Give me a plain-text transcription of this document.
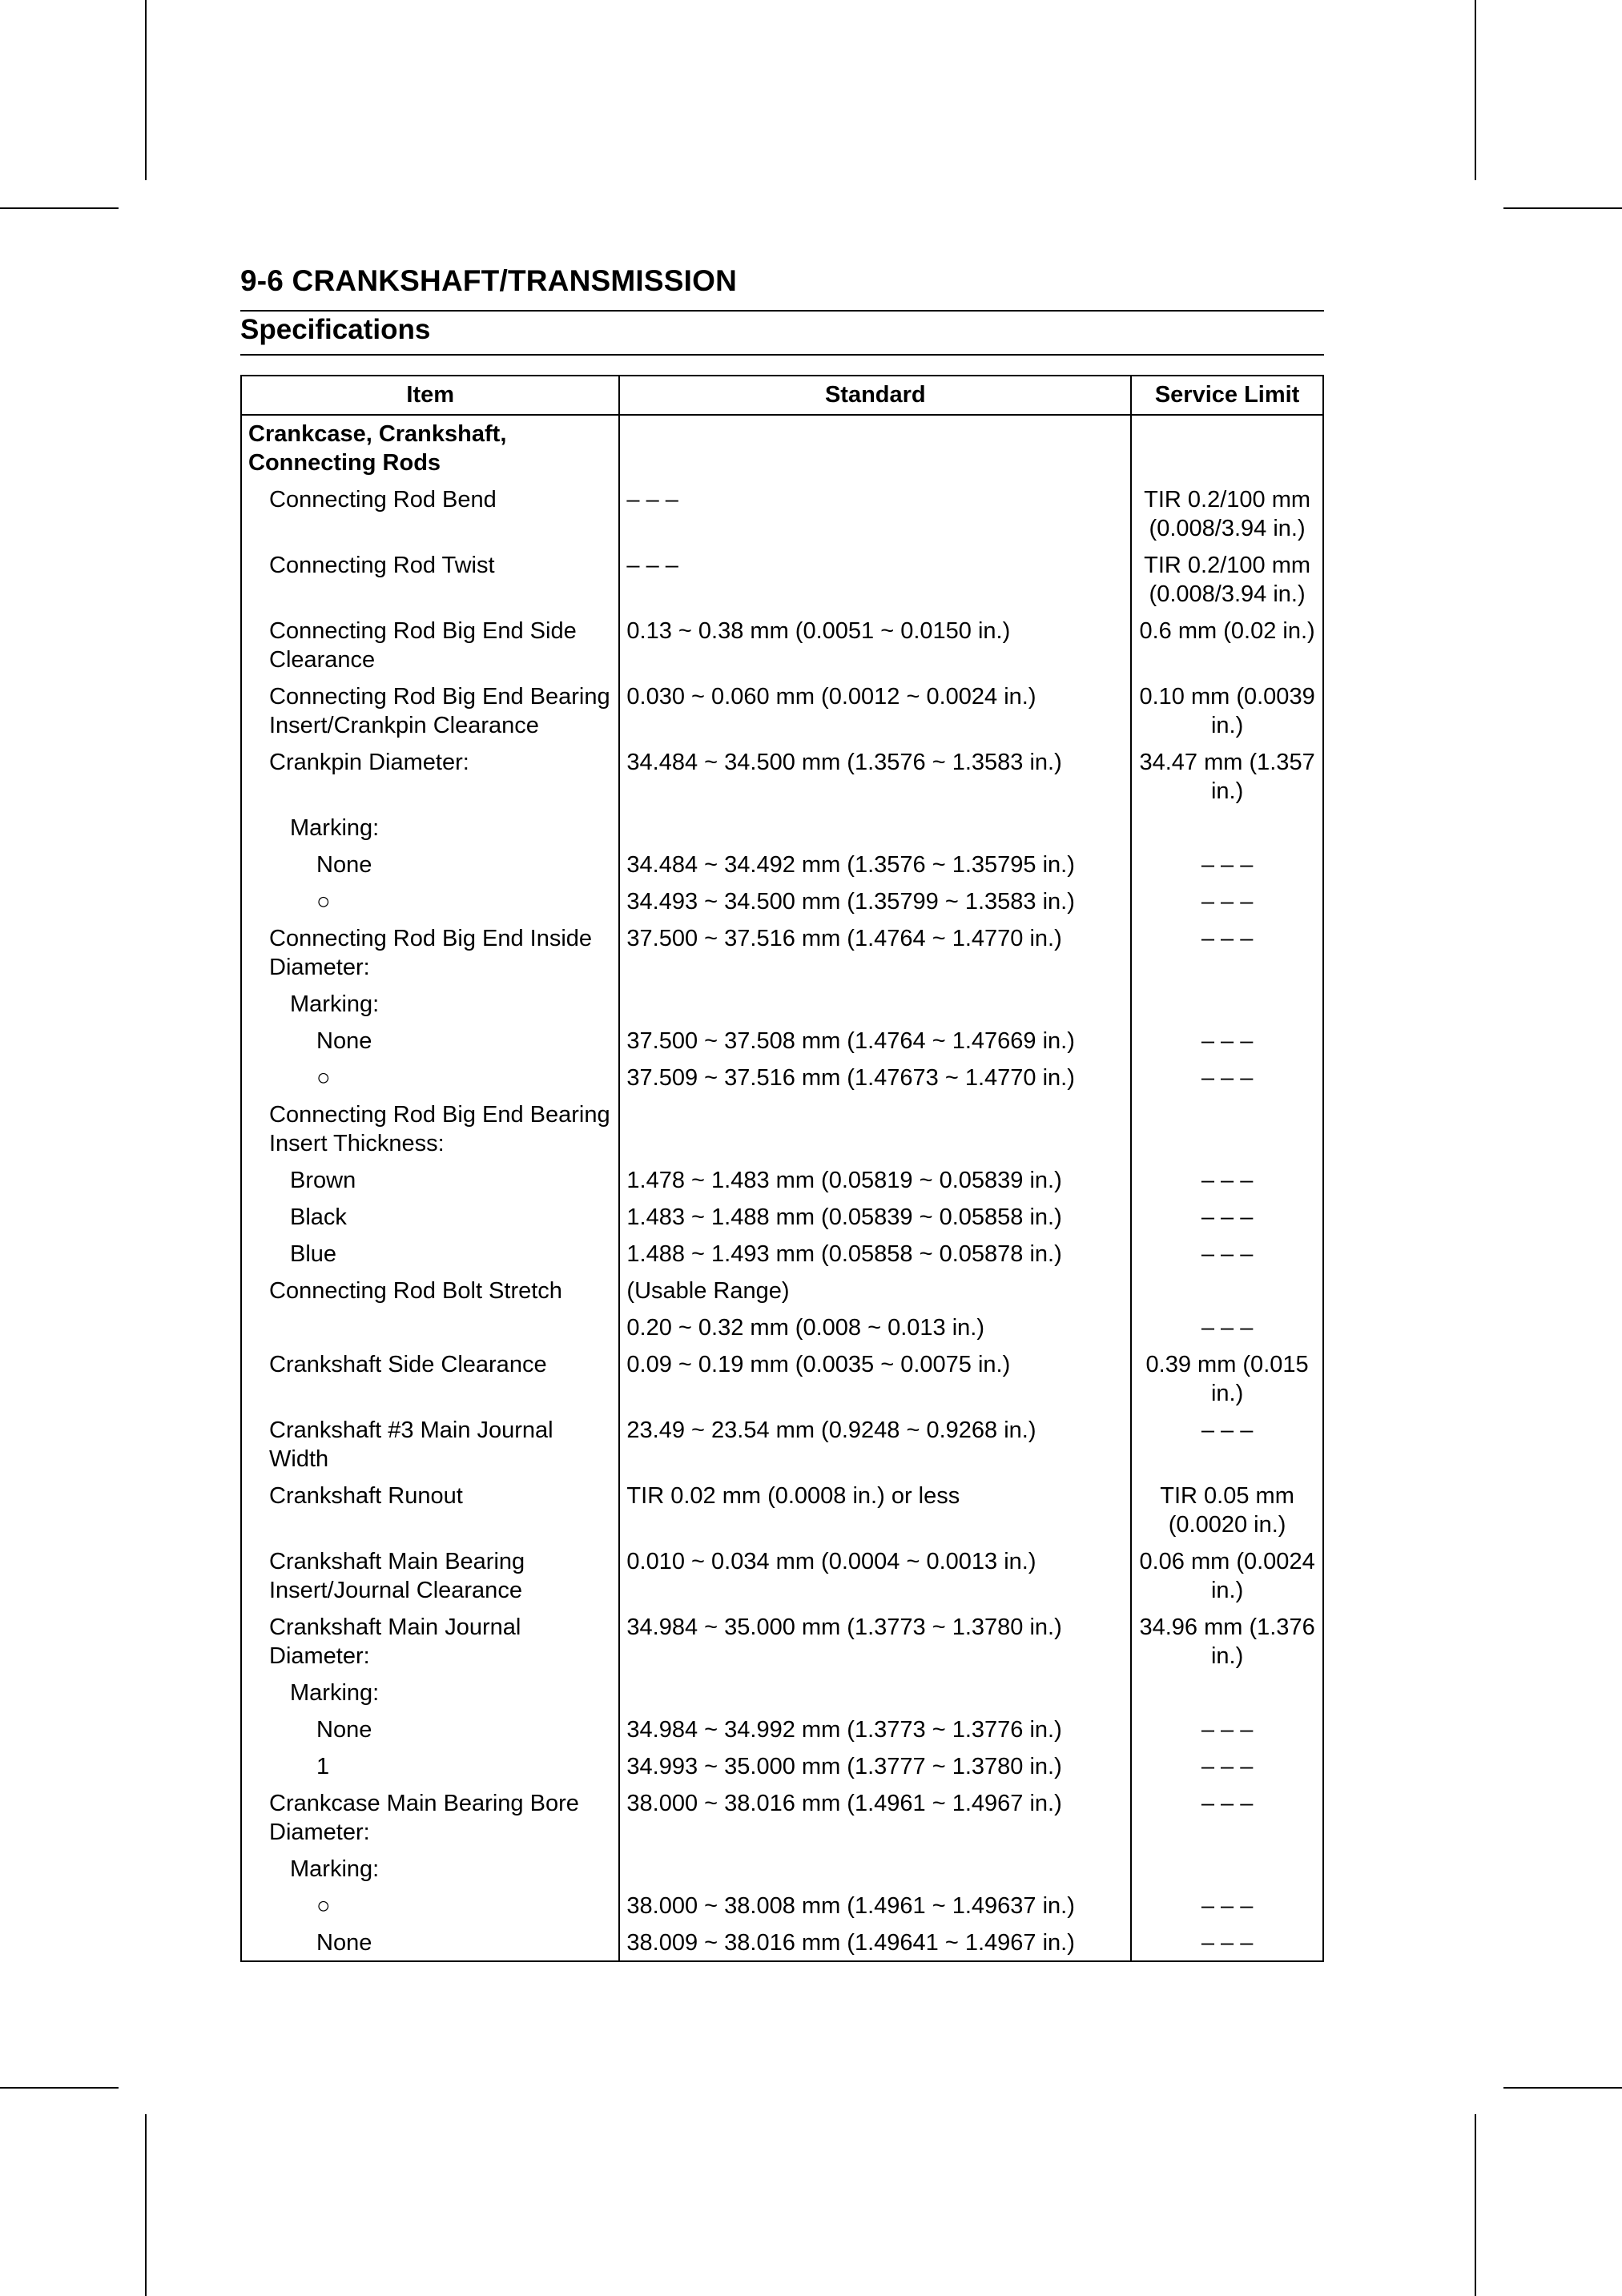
9-6 CRANKSHAFT/TRANSMISSION
Specifications
Item	Standard	Service Limit
Crankcase, Crankshaft, Connecting Rods		
Connecting Rod Bend	– – –	TIR 0.2/100 mm (0.008/3.94 in.)
Connecting Rod Twist	– – –	TIR 0.2/100 mm (0.008/3.94 in.)
Connecting Rod Big End Side Clearance	0.13 ~ 0.38 mm (0.0051 ~ 0.0150 in.)	0.6 mm (0.02 in.)
Connecting Rod Big End Bearing Insert/Crankpin Clearance	0.030 ~ 0.060 mm (0.0012 ~ 0.0024 in.)	0.10 mm (0.0039 in.)
Crankpin Diameter:	34.484 ~ 34.500 mm (1.3576 ~ 1.3583 in.)	34.47 mm (1.357 in.)
Marking:		
None	34.484 ~ 34.492 mm (1.3576 ~ 1.35795 in.)	– – –
○	34.493 ~ 34.500 mm (1.35799 ~ 1.3583 in.)	– – –
Connecting Rod Big End Inside Diameter:	37.500 ~ 37.516 mm (1.4764 ~ 1.4770 in.)	– – –
Marking:		
None	37.500 ~ 37.508 mm (1.4764 ~ 1.47669 in.)	– – –
○	37.509 ~ 37.516 mm (1.47673 ~ 1.4770 in.)	– – –
Connecting Rod Big End Bearing Insert Thickness:		
Brown	1.478 ~ 1.483 mm (0.05819 ~ 0.05839 in.)	– – –
Black	1.483 ~ 1.488 mm (0.05839 ~ 0.05858 in.)	– – –
Blue	1.488 ~ 1.493 mm (0.05858 ~ 0.05878 in.)	– – –
Connecting Rod Bolt Stretch	(Usable Range)	
	0.20 ~ 0.32 mm (0.008 ~ 0.013 in.)	– – –
Crankshaft Side Clearance	0.09 ~ 0.19 mm (0.0035 ~ 0.0075 in.)	0.39 mm (0.015 in.)
Crankshaft #3 Main Journal Width	23.49 ~ 23.54 mm (0.9248 ~ 0.9268 in.)	– – –
Crankshaft Runout	TIR 0.02 mm (0.0008 in.) or less	TIR 0.05 mm (0.0020 in.)
Crankshaft Main Bearing Insert/Journal Clearance	0.010 ~ 0.034 mm (0.0004 ~ 0.0013 in.)	0.06 mm (0.0024 in.)
Crankshaft Main Journal Diameter:	34.984 ~ 35.000 mm (1.3773 ~ 1.3780 in.)	34.96 mm (1.376 in.)
Marking:		
None	34.984 ~ 34.992 mm (1.3773 ~ 1.3776 in.)	– – –
1	34.993 ~ 35.000 mm (1.3777 ~ 1.3780 in.)	– – –
Crankcase Main Bearing Bore Diameter:	38.000 ~ 38.016 mm (1.4961 ~ 1.4967 in.)	– – –
Marking:		
○	38.000 ~ 38.008 mm (1.4961 ~ 1.49637 in.)	– – –
None	38.009 ~ 38.016 mm (1.49641 ~ 1.4967 in.)	– – –
